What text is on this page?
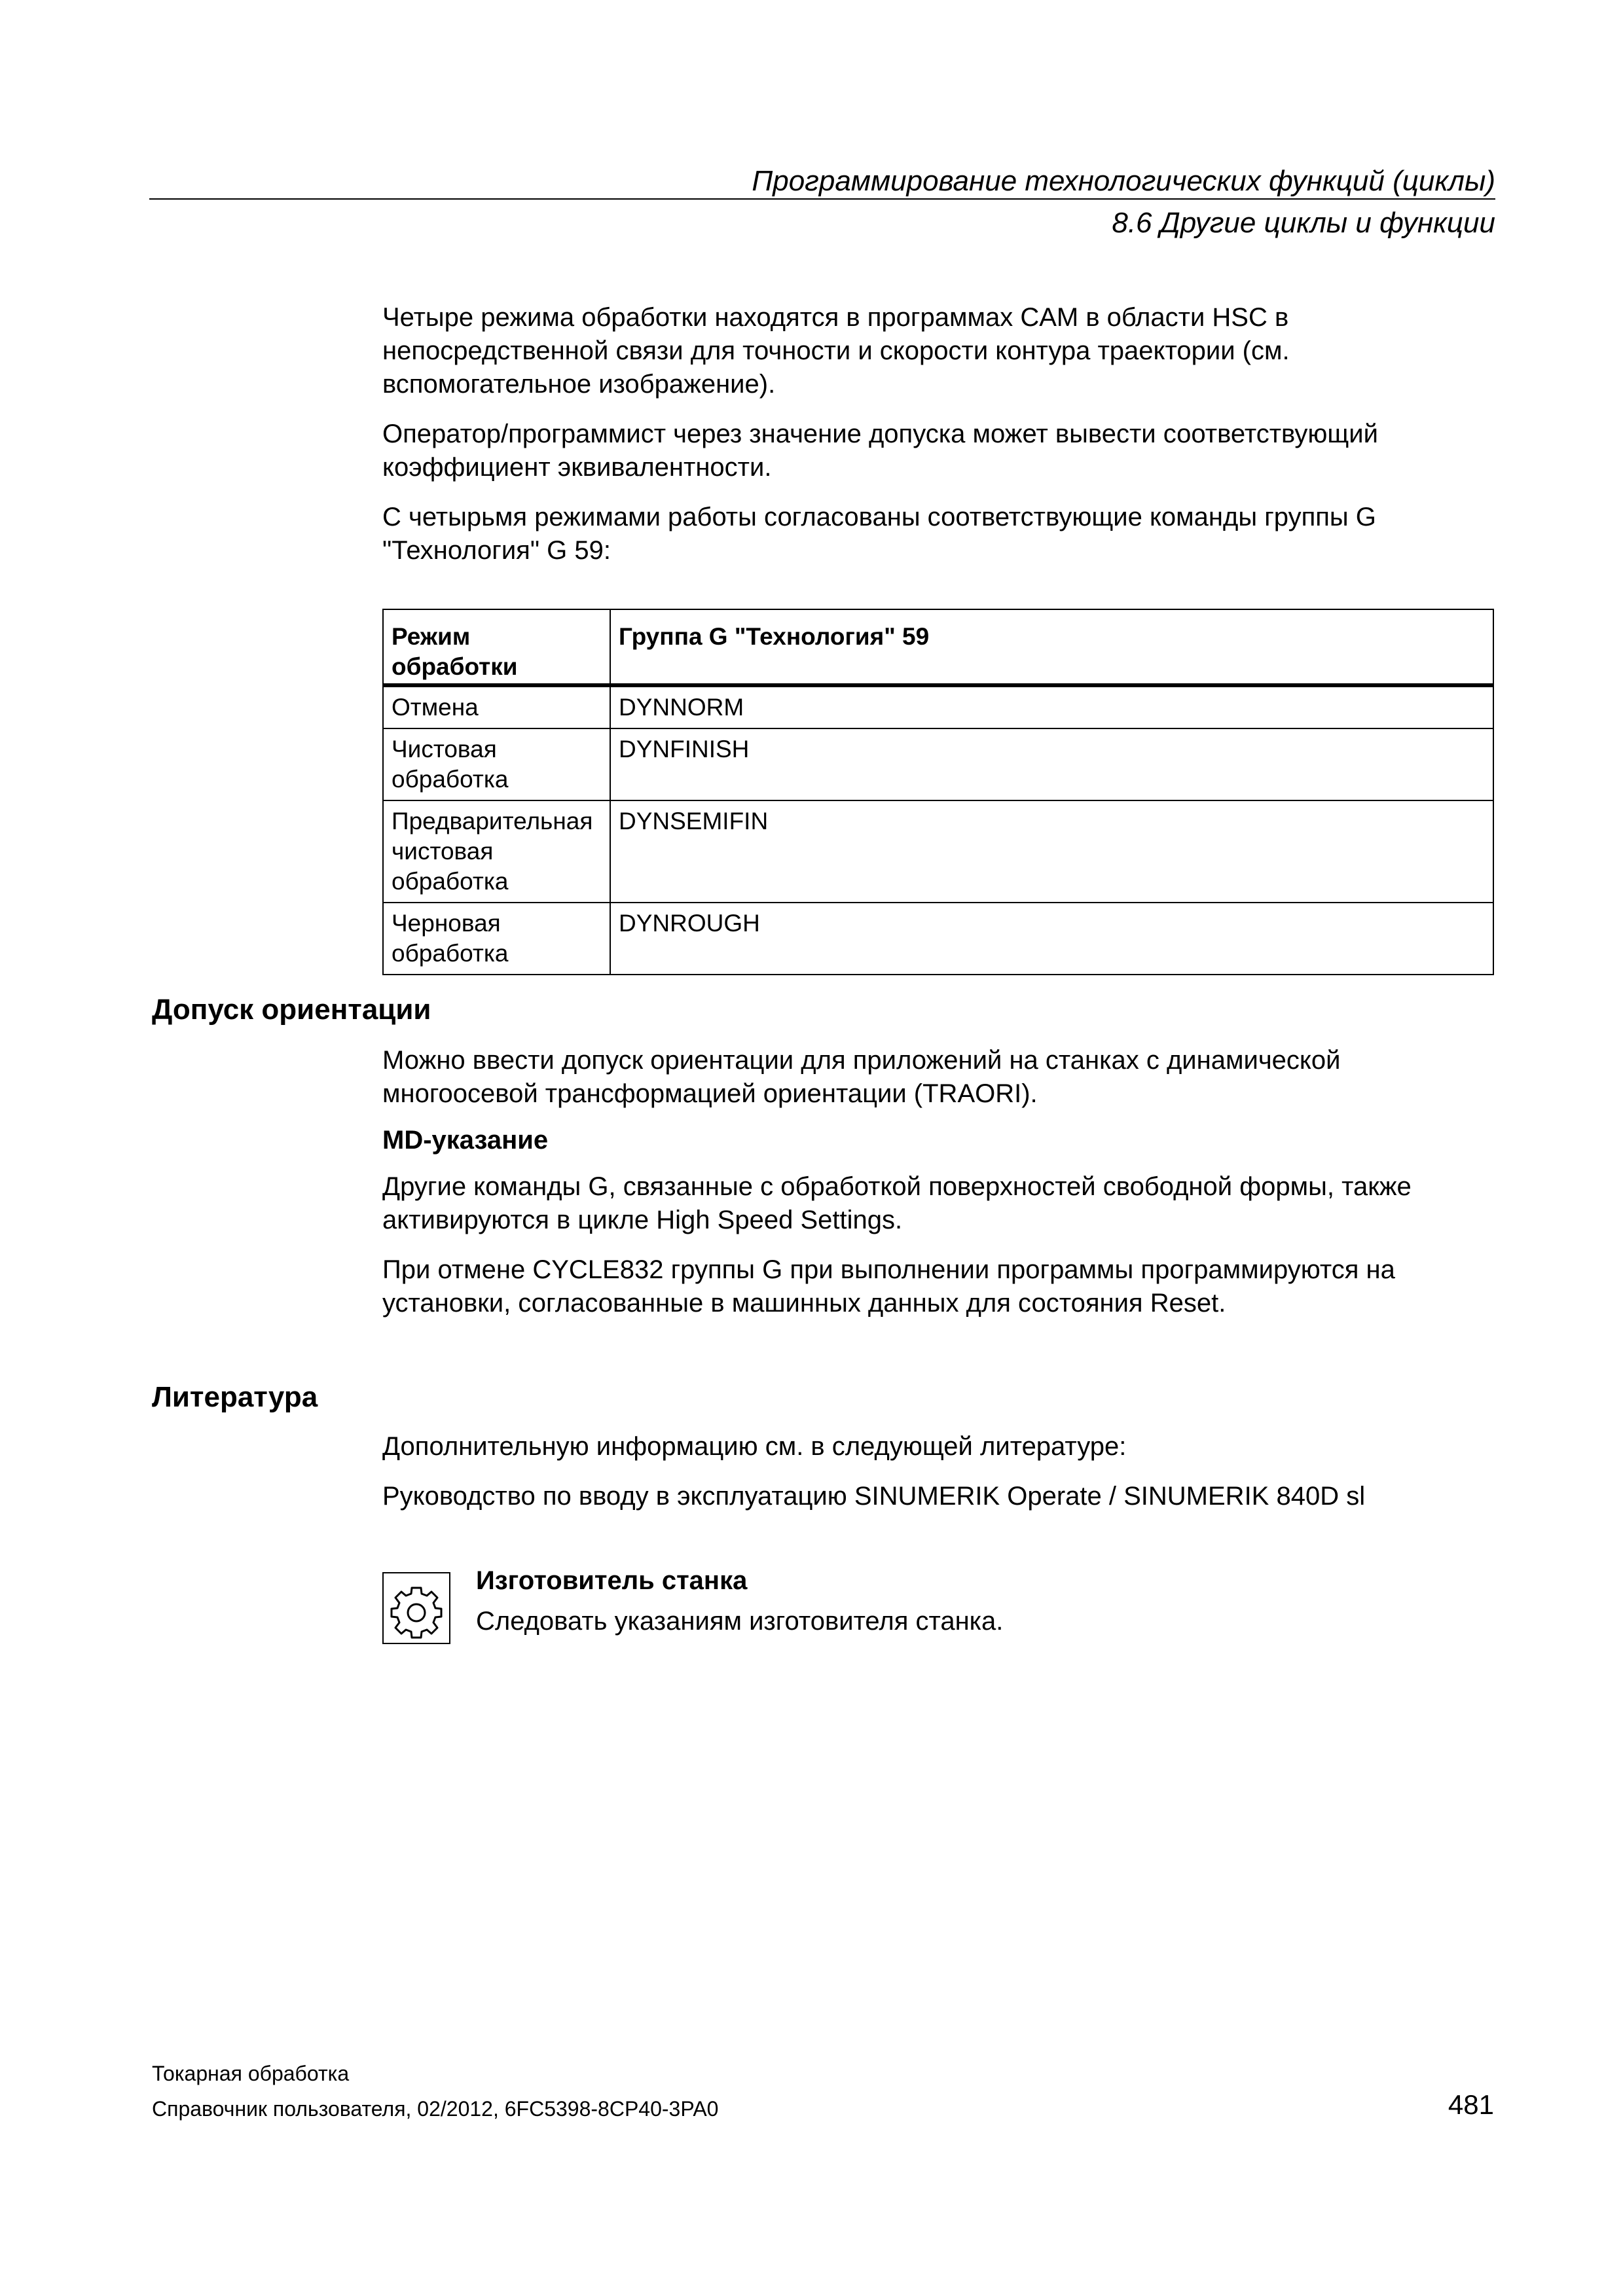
Программирование технологических функций (циклы)
8.6 Другие циклы и функции

Четыре режима обработки находятся в программах CAM в области HSC в непосредственной связи для точности и скорости контура траектории (см. вспомогательное изображение).

Оператор/программист через значение допуска может вывести соответствующий коэффициент эквивалентности.

С четырьмя режимами работы согласованы соответствующие команды группы G "Технология" G 59:

Режим обработки	Группа G "Технология" 59
Отмена	DYNNORM
Чистовая обработка	DYNFINISH
Предварительная чистовая обработка	DYNSEMIFIN
Черновая обработка	DYNROUGH
Допуск ориентации
Можно ввести допуск ориентации для приложений на станках с динамической многоосевой трансформацией ориентации (TRAORI).
MD-указание

Другие команды G, связанные с обработкой поверхностей свободной формы, также активируются в цикле High Speed Settings.

При отмене CYCLE832 группы G при выполнении программы программируются на установки, согласованные в машинных данных для состояния Reset.

Литература

Дополнительную информацию см. в следующей литературе:

Руководство по вводу в эксплуатацию SINUMERIK Operate / SINUMERIK 840D sl

Изготовитель станка
Следовать указаниям изготовителя станка.
Токарная обработка
Справочник пользователя, 02/2012, 6FC5398-8CP40-3PA0	481
